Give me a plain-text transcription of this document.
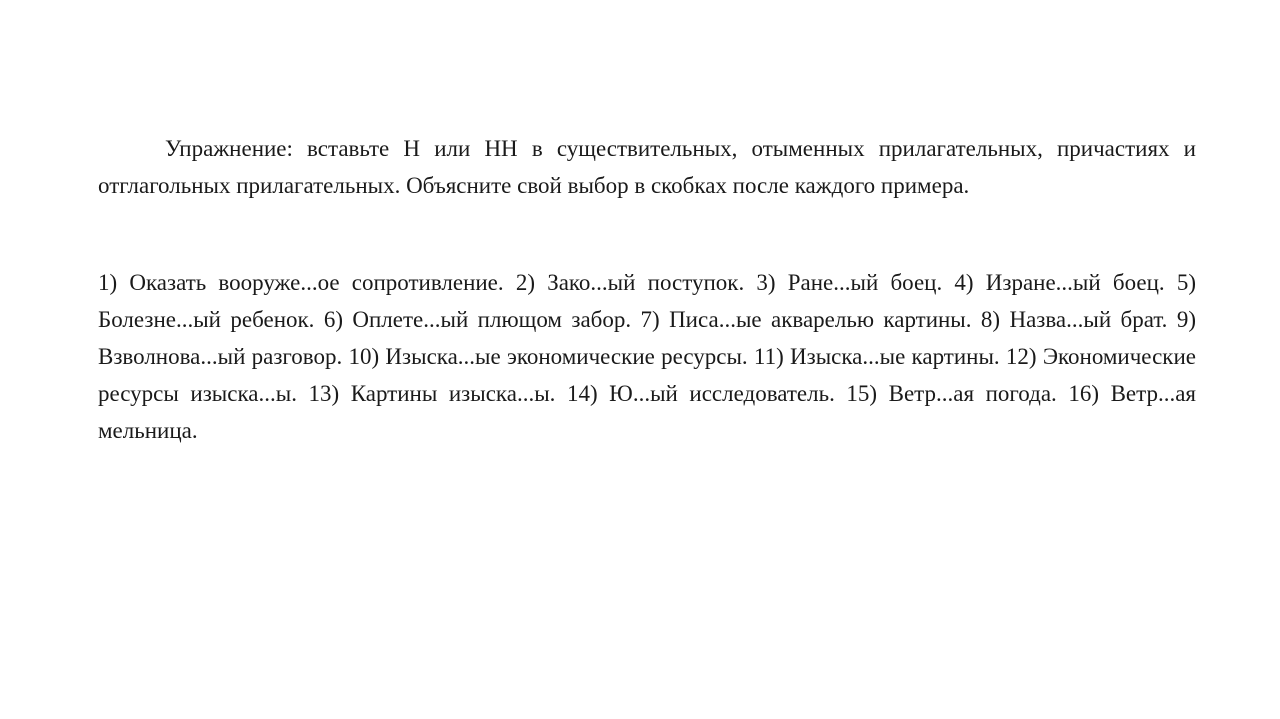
Упражнение: вставьте Н или НН в существительных, отыменных прилагательных, причастиях и отглагольных прилагательных. Объясните свой выбор в скобках после каждого примера.

1) Оказать вооруже...ое сопротивление. 2) Зако...ый поступок. 3) Ране...ый боец. 4) Изране...ый боец. 5) Болезне...ый ребенок. 6) Оплете...ый плющом забор. 7) Писа...ые акварелью картины. 8) Назва...ый брат. 9) Взволнова...ый разговор. 10) Изыска...ые экономические ресурсы. 11) Изыска...ые картины. 12) Экономические ресурсы изыска...ы. 13) Картины изыска...ы. 14) Ю...ый исследователь. 15) Ветр...ая погода. 16) Ветр...ая мельница.
